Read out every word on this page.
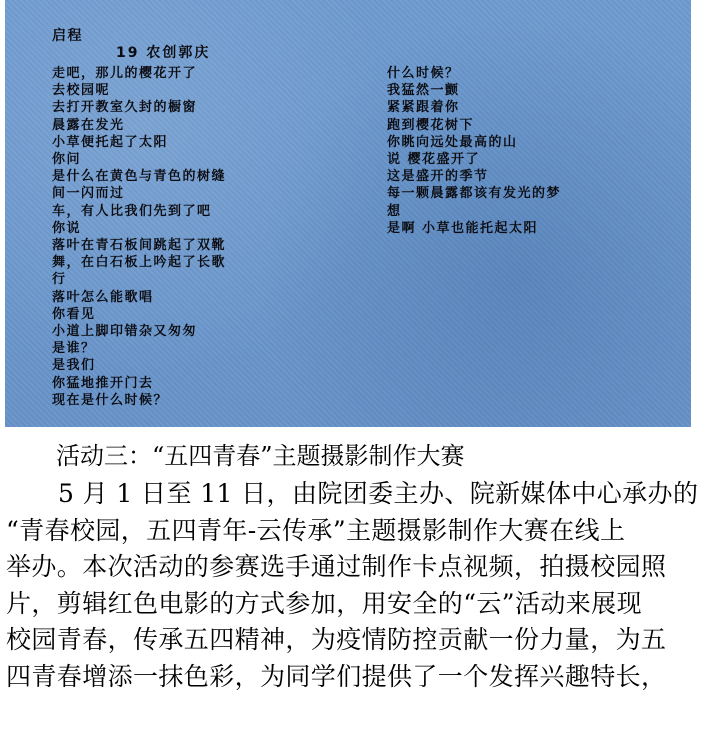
启程
19 农创郭庆
走吧，那儿的樱花开了
去校园呢
去打开教室久封的橱窗
晨露在发光
小草便托起了太阳
你问
是什么在黄色与青色的树缝
间一闪而过
车，有人比我们先到了吧
你说
落叶在青石板间跳起了双靴
舞，在白石板上吟起了长歌
行
落叶怎么能歌唱
你看见
小道上脚印错杂又匆匆
是谁？
是我们
你猛地推开门去
现在是什么时候？
什么时候？
我猛然一颤
紧紧跟着你
跑到樱花树下
你眺向远处最高的山
说 樱花盛开了
这是盛开的季节
每一颗晨露都该有发光的梦
想
是啊 小草也能托起太阳
活动三：“五四青春”主题摄影制作大赛
5 月 1 日至 11 日，由院团委主办、院新媒体中心承办的
“青春校园，五四青年-云传承”主题摄影制作大赛在线上
举办。本次活动的参赛选手通过制作卡点视频，拍摄校园照
片，剪辑红色电影的方式参加，用安全的“云”活动来展现
校园青春，传承五四精神，为疫情防控贡献一份力量，为五
四青春增添一抹色彩，为同学们提供了一个发挥兴趣特长，
